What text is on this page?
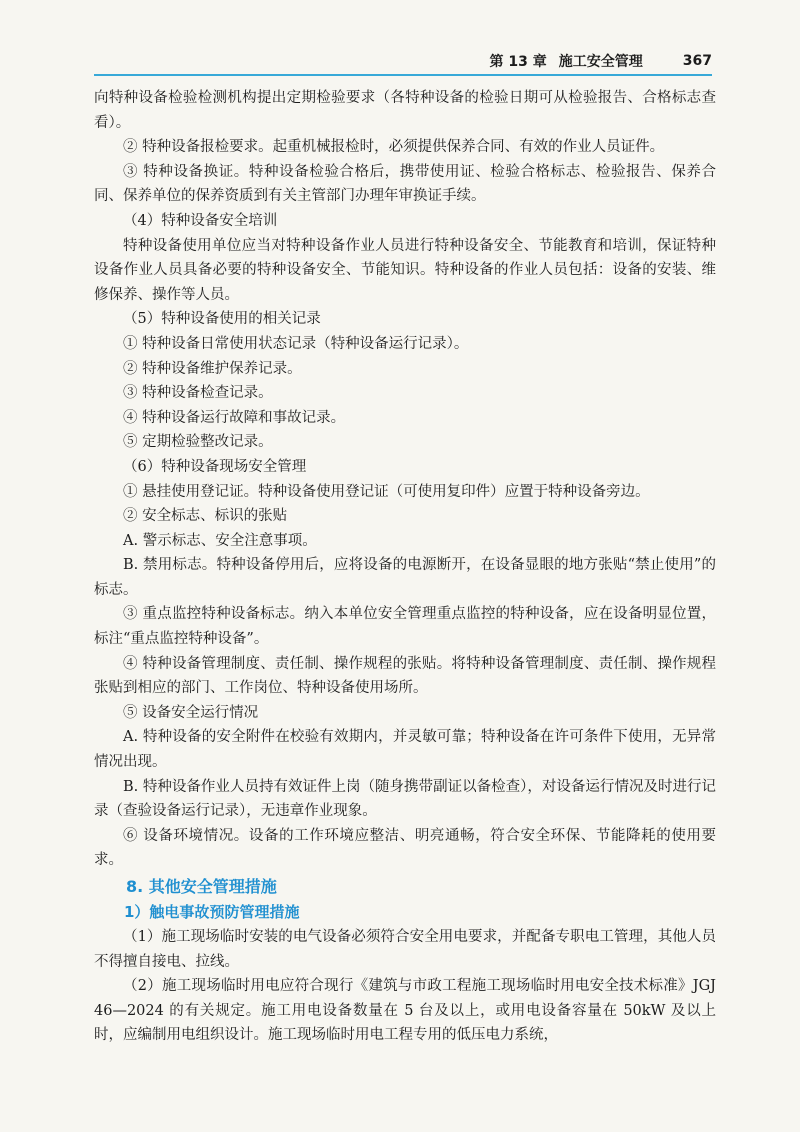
第 13 章 施工安全管理	367

向特种设备检验检测机构提出定期检验要求（各特种设备的检验日期可从检验报告、合格标志查看）。

② 特种设备报检要求。起重机械报检时，必须提供保养合同、有效的作业人员证件。

③ 特种设备换证。特种设备检验合格后，携带使用证、检验合格标志、检验报告、保养合同、保养单位的保养资质到有关主管部门办理年审换证手续。

（4）特种设备安全培训

特种设备使用单位应当对特种设备作业人员进行特种设备安全、节能教育和培训，保证特种设备作业人员具备必要的特种设备安全、节能知识。特种设备的作业人员包括：设备的安装、维修保养、操作等人员。

（5）特种设备使用的相关记录

① 特种设备日常使用状态记录（特种设备运行记录）。

② 特种设备维护保养记录。

③ 特种设备检查记录。

④ 特种设备运行故障和事故记录。

⑤ 定期检验整改记录。

（6）特种设备现场安全管理

① 悬挂使用登记证。特种设备使用登记证（可使用复印件）应置于特种设备旁边。

② 安全标志、标识的张贴

A. 警示标志、安全注意事项。

B. 禁用标志。特种设备停用后，应将设备的电源断开，在设备显眼的地方张贴“禁止使用”的标志。

③ 重点监控特种设备标志。纳入本单位安全管理重点监控的特种设备，应在设备明显位置，标注“重点监控特种设备”。

④ 特种设备管理制度、责任制、操作规程的张贴。将特种设备管理制度、责任制、操作规程张贴到相应的部门、工作岗位、特种设备使用场所。

⑤ 设备安全运行情况

A. 特种设备的安全附件在校验有效期内，并灵敏可靠；特种设备在许可条件下使用，无异常情况出现。

B. 特种设备作业人员持有效证件上岗（随身携带副证以备检查），对设备运行情况及时进行记录（查验设备运行记录），无违章作业现象。

⑥ 设备环境情况。设备的工作环境应整洁、明亮通畅，符合安全环保、节能降耗的使用要求。

8. 其他安全管理措施

1）触电事故预防管理措施

（1）施工现场临时安装的电气设备必须符合安全用电要求，并配备专职电工管理，其他人员不得擅自接电、拉线。

（2）施工现场临时用电应符合现行《建筑与市政工程施工现场临时用电安全技术标准》JGJ 46—2024 的有关规定。施工用电设备数量在 5 台及以上，或用电设备容量在 50kW 及以上时，应编制用电组织设计。施工现场临时用电工程专用的低压电力系统，
